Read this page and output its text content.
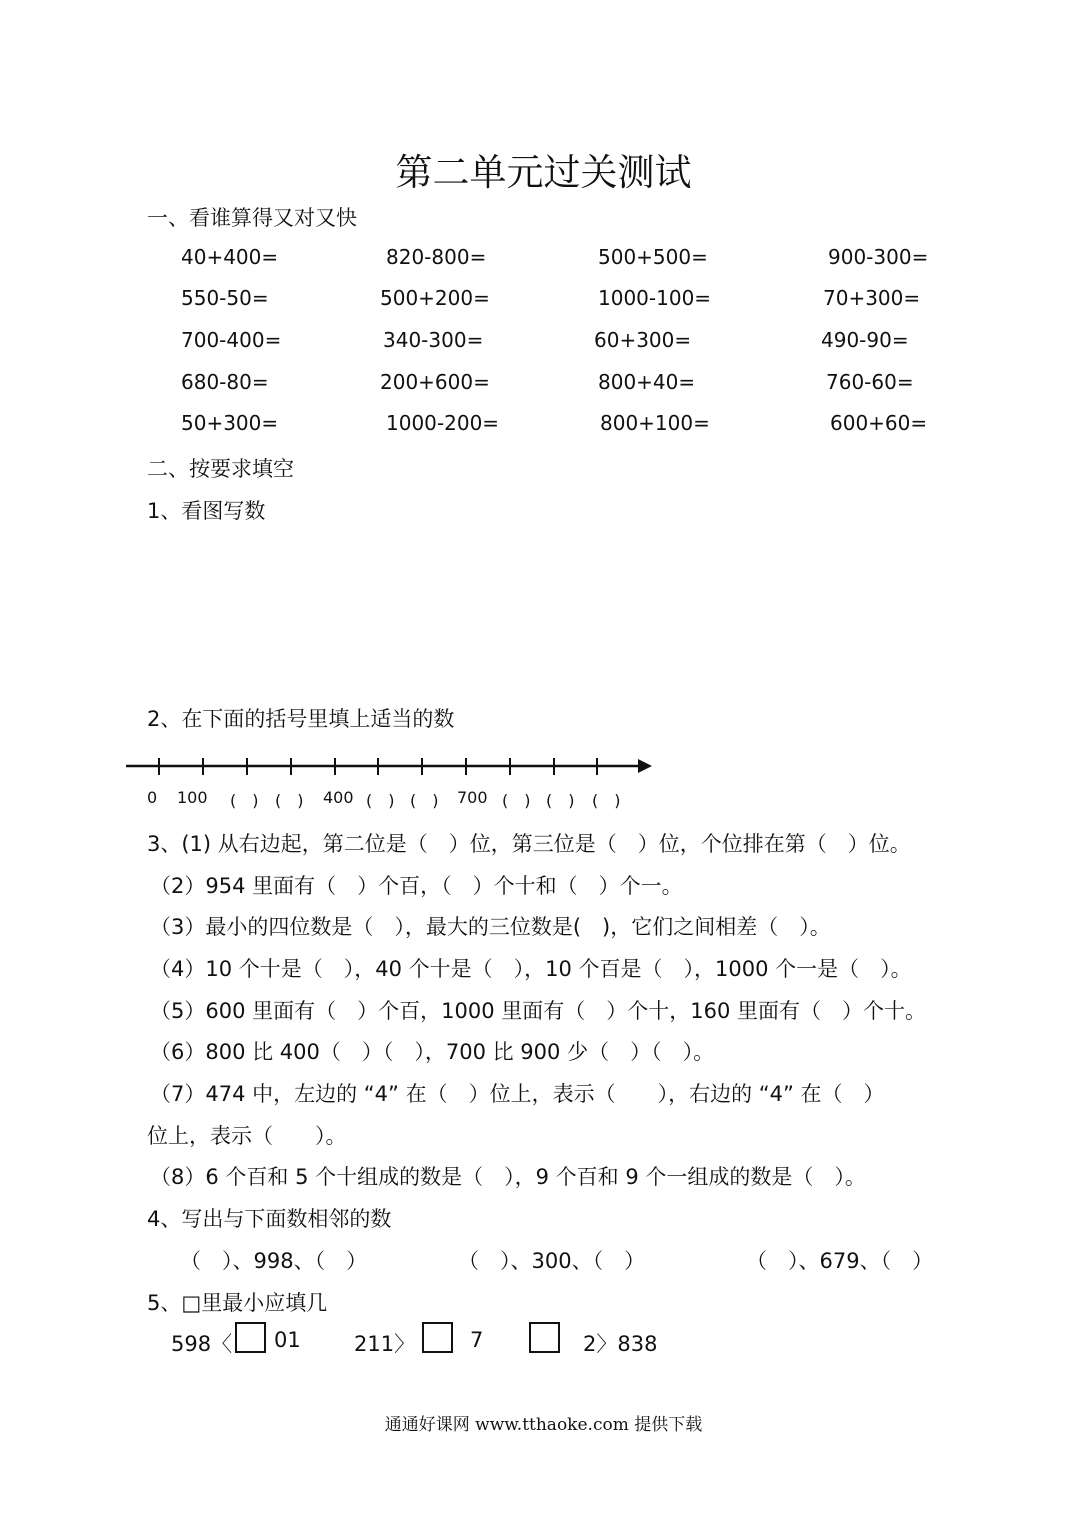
第二单元过关测试
一、看谁算得又对又快
40+400=	820-800=	500+500=	900-300=
550-50=	500+200=	1000-100=	70+300=
700-400=	340-300=	60+300=	490-90=
680-80=	200+600=	800+40=	760-60=
50+300=	1000-200=	800+100=	600+60=
二、按要求填空
1、看图写数
2、在下面的括号里填上适当的数
0 100 (　) (　) 400 (　) (　) 700 (　) (　) (　)
3、(1) 从右边起，第二位是（　）位，第三位是（　）位，个位排在第（　）位。
（2）954 里面有（　）个百，（　）个十和（　）个一。
（3）最小的四位数是（　），最大的三位数是(　)，它们之间相差（　）。
（4）10 个十是（　），40 个十是（　），10 个百是（　），1000 个一是（　）。
（5）600 里面有（　）个百，1000 里面有（　）个十，160 里面有（　）个十。
（6）800 比 400（　）（　），700 比 900 少（　）（　）。
（7）474 中，左边的 “4” 在（　）位上，表示（　　），右边的 “4” 在（　）
位上，表示（　　）。
（8）6 个百和 5 个十组成的数是（　），9 个百和 9 个一组成的数是（　）。
4、写出与下面数相邻的数
（　）、998、（　）	（　）、300、（　）	（　）、679、（　）
5、□里最小应填几
598〈 01	211〉	7	2〉838
通通好课网 www.tthaoke.com 提供下载
